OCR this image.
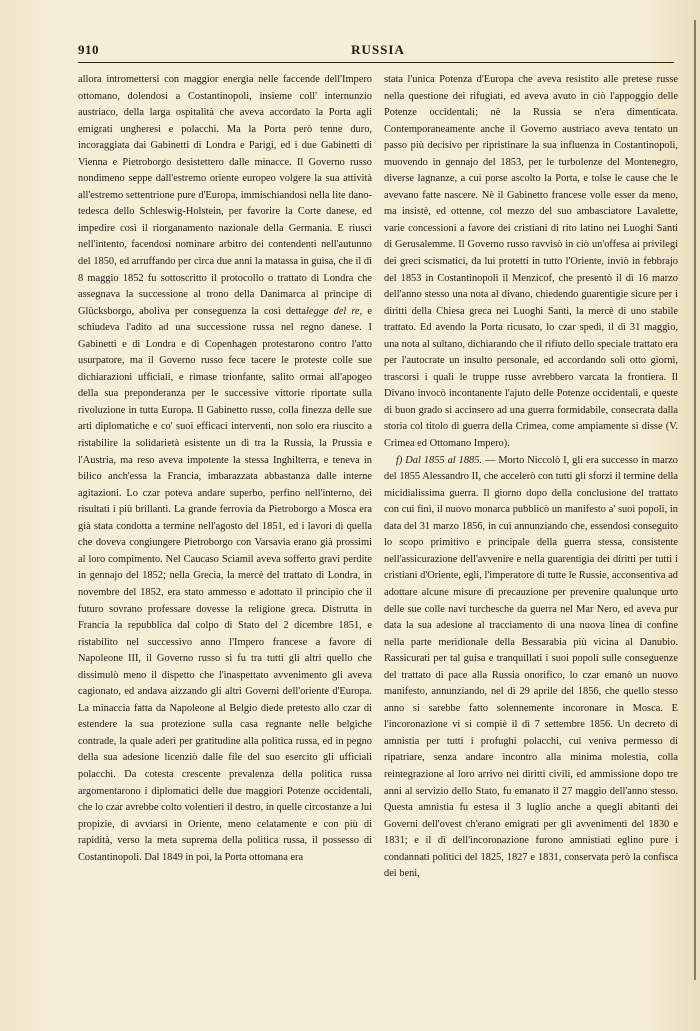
910	RUSSIA

allora intromettersi con maggior energia nelle faccende dell'Impero ottomano, dolendosi a Costantinopoli, insieme coll' internunzio austriaco, della larga ospitalità che aveva accordato la Porta agli emigrati ungheresi e polacchi. Ma la Porta però tenne duro, incoraggiata dai Gabinetti di Londra e Parigi, ed i due Gabinetti di Vienna e Pietroborgo desistettero dalle minacce. Il Governo russo nondimeno seppe dall'estremo oriente europeo volgere la sua attività all'estremo settentrione pure d'Europa, immischiandosi nella lite dano-tedesca dello Schleswig-Holstein, per favorire la Corte danese, ed impedire così il riorganamento nazionale della Germania. E riuscì nell'intento, facendosi nominare arbitro dei contendenti nell'autunno del 1850, ed arruffando per circa due anni la matassa in guisa, che il dì 8 maggio 1852 fu sottoscritto il protocollo o trattato di Londra che assegnava la successione al trono della Danimarca al principe di Glücksborgo, aboliva per conseguenza la così dettalegge del re, e schiudeva l'adito ad una successione russa nel regno danese. I Gabinetti e di Londra e di Copenhagen protestarono contro l'atto usurpatore, ma il Governo russo fece tacere le proteste colle sue dichiarazioni ufficiali, e rimase trionfante, salito ormai all'apogeo della sua preponderanza per le successive vittorie riportate sulla rivoluzione in tutta Europa. Il Gabinetto russo, colla finezza delle sue arti diplomatiche e co' suoi efficaci interventi, non solo era riuscito a ristabilire la solidarietà esistente un dì tra la Russia, la Prussia e l'Austria, ma reso aveva impotente la stessa Inghilterra, e teneva in bilico anch'essa la Francia, imbarazzata abbastanza dalle interne agitazioni. Lo czar poteva andare superbo, perfino nell'interno, dei risultati i più brillanti. La grande ferrovia da Pietroborgo a Mosca era già stata condotta a termine nell'agosto del 1851, ed i lavori di quella che doveva congiungere Pietroborgo con Varsavia erano già prossimi al loro compimento. Nel Caucaso Sciamil aveva sofferto gravi perdite in gennajo del 1852; nella Grecia, la mercè del trattato di Londra, in novembre del 1852, era stato ammesso e adottato il principio che il futuro sovrano professare dovesse la religione greca. Distrutta in Francia la repubblica dal colpo di Stato del 2 dicembre 1851, e ristabilito nel successivo anno l'Impero francese a favore di Napoleone III, il Governo russo si fu tra tutti gli altri quello che dissimulò meno il dispetto che l'inaspettato avvenimento gli aveva cagionato, ed andava aizzando gli altri Governi dell'oriente d'Europa. La minaccia fatta da Napoleone al Belgio diede pretesto allo czar di estendere la sua protezione sulla casa regnante nelle belgiche contrade, la quale aderì per gratitudine alla politica russa, ed in pegno della sua adesione licenziò dalle file del suo esercito gli ufficiali polacchi. Da cotesta crescente prevalenza della politica russa argomentarono i diplomatici delle due maggiori Potenze occidentali, che lo czar avrebbe colto volentieri il destro, in quelle circostanze a lui propizie, di avviarsi in Oriente, meno celatamente e con più di rapidità, verso la meta suprema della politica russa, il possesso di Costantinopoli. Dal 1849 in poi, la Porta ottomana era

stata l'unica Potenza d'Europa che aveva resistito alle pretese russe nella questione dei rifugiati, ed aveva avuto in ciò l'appoggio delle Potenze occidentali; nè la Russia se n'era dimenticata. Contemporaneamente anche il Governo austriaco aveva tentato un passo più decisivo per ripristinare la sua influenza in Costantinopoli, muovendo in gennajo del 1853, per le turbolenze del Montenegro, diverse lagnanze, a cui porse ascolto la Porta, e tolse le cause che le avevano fatte nascere. Nè il Gabinetto francese volle esser da meno, ma insistè, ed ottenne, col mezzo del suo ambasciatore Lavalette, varie concessioni a favore dei cristiani di rito latino nei Luoghi Santi di Gerusalemme. Il Governo russo ravvisò in ciò un'offesa ai privilegi dei greci scismatici, da lui protetti in tutto l'Oriente, inviò in febbrajo del 1853 in Costantinopoli il Menzicof, che presentò il dì 16 marzo dell'anno stesso una nota al divano, chiedendo guarentigie sicure per i diritti della Chiesa greca nei Luoghi Santi, la mercè di uno stabile trattato. Ed avendo la Porta ricusato, lo czar spedì, il dì 31 maggio, una nota al sultano, dichiarando che il rifiuto dello speciale trattato era per l'autocrate un insulto personale, ed accordando soli otto giorni, trascorsi i quali le truppe russe avrebbero varcata la frontiera. Il Divano invocò incontanente l'ajuto delle Potenze occidentali, e queste di buon grado si accinsero ad una guerra formidabile, consecrata dalla storia col titolo di guerra della Crimea, come ampiamente si disse (V. Crimea ed Ottomano Impero).

f) Dal 1855 al 1885. — Morto Niccolò I, gli era successo in marzo del 1855 Alessandro II, che accelerò con tutti gli sforzi il termine della micidialissima guerra. Il giorno dopo della conclusione del trattato con cui finì, il nuovo monarca pubblicò un manifesto a' suoi popoli, in data del 31 marzo 1856, in cui annunziando che, essendosi conseguito lo scopo primitivo e principale della guerra stessa, consistente nell'assicurazione dell'avvenire e nella guarentigia dei diritti per tutti i cristiani d'Oriente, egli, l'imperatore di tutte le Russie, acconsentiva ad adottare alcune misure di precauzione per prevenire qualunque urto delle sue colle navi turchesche da guerra nel Mar Nero, ed aveva pur data la sua adesione al tracciamento di una nuova linea di confine nella parte meridionale della Bessarabia più vicina al Danubio. Rassicurati per tal guisa e tranquillati i suoi popoli sulle conseguenze del trattato di pace alla Russia onorifico, lo czar emanò un nuovo manifesto, annunziando, nel dì 29 aprile del 1856, che quello stesso anno si sarebbe fatto solennemente incoronare in Mosca. E l'incoronazione vi si compiè il dì 7 settembre 1856. Un decreto di amnistia per tutti i profughi polacchi, cui veniva permesso di ripatriare, senza andare incontro alla minima molestia, colla reintegrazione al loro arrivo nei diritti civili, ed ammissione dopo tre anni al servizio dello Stato, fu emanato il 27 maggio dell'anno stesso. Questa amnistia fu estesa il 3 luglio anche a quegli abitanti dei Governi dell'ovest ch'erano emigrati per gli avvenimenti del 1830 e 1831; e il dì dell'incoronazione furono amnistiati eglino pure i condannati politici del 1825, 1827 e 1831, conservata però la confisca dei beni,
